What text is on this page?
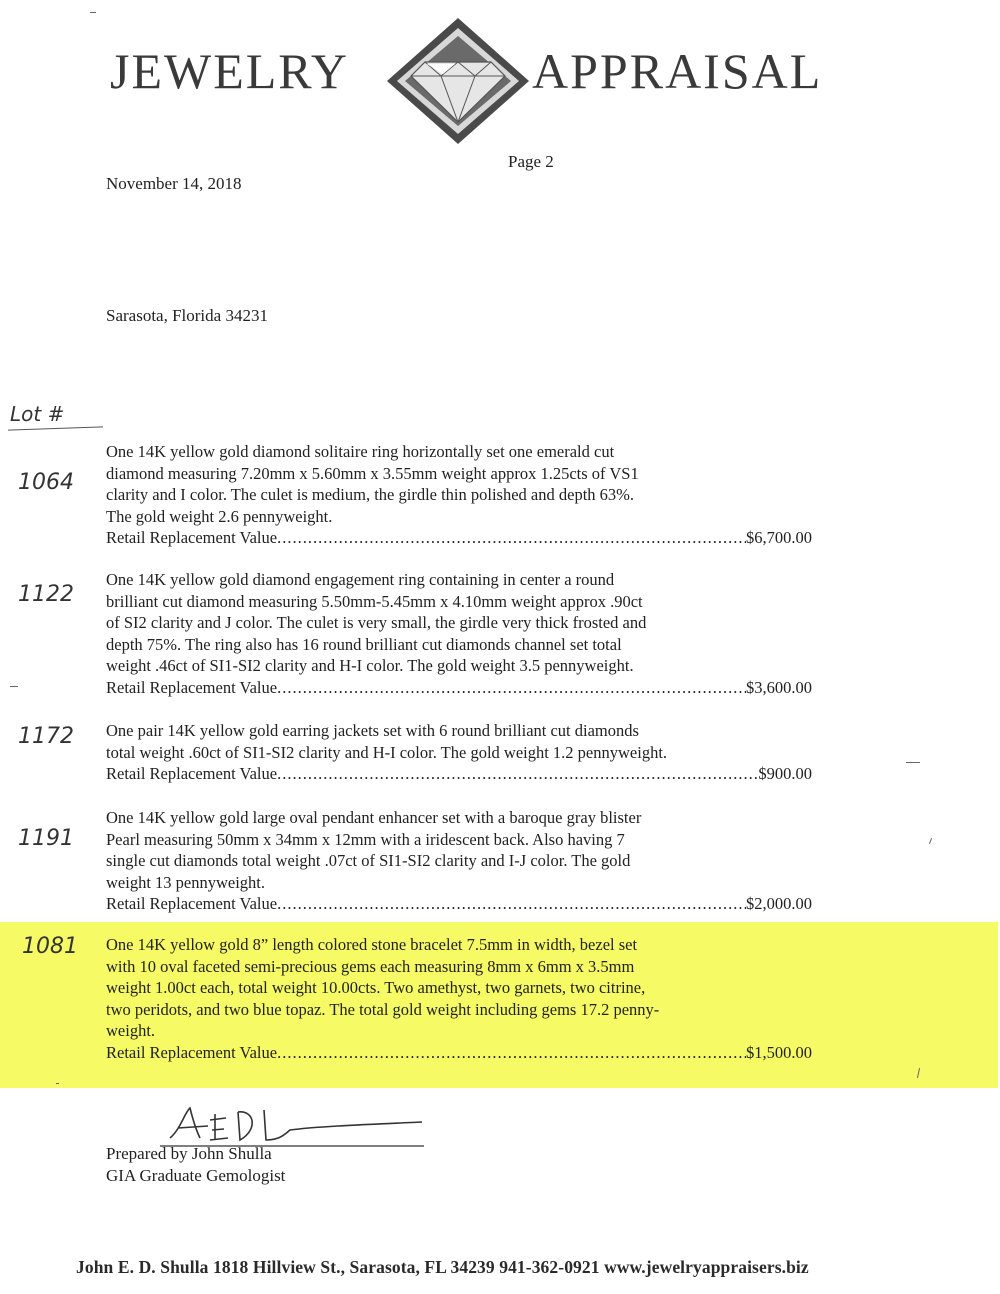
JEWELRY	APPRAISAL
Page 2
November 14, 2018
Sarasota, Florida 34231
Lot #
1064
One 14K yellow gold diamond solitaire ring horizontally set one emerald cut
diamond measuring 7.20mm x 5.60mm x 3.55mm weight approx 1.25cts of VS1
clarity and I color. The culet is medium, the girdle thin polished and depth 63%.
The gold weight 2.6 pennyweight.
Retail Replacement Value .....	$6,700.00
1122
One 14K yellow gold diamond engagement ring containing in center a round
brilliant cut diamond measuring 5.50mm-5.45mm x 4.10mm weight approx .90ct
of SI2 clarity and J color. The culet is very small, the girdle very thick frosted and
depth 75%. The ring also has 16 round brilliant cut diamonds channel set total
weight .46ct of SI1-SI2 clarity and H-I color. The gold weight 3.5 pennyweight.
Retail Replacement Value .....	$3,600.00
1172 One pair 14K yellow gold earring jackets set with 6 round brilliant cut diamonds
total weight .60ct of SI1-SI2 clarity and H-I color. The gold weight 1.2 pennyweight.
Retail Replacement Value .....	$900.00
1191
One 14K yellow gold large oval pendant enhancer set with a baroque gray blister
Pearl measuring 50mm x 34mm x 12mm with a iridescent back. Also having 7
single cut diamonds total weight .07ct of SI1-SI2 clarity and I-J color. The gold
weight 13 pennyweight.
Retail Replacement Value .....	$2,000.00
1081 One 14K yellow gold 8” length colored stone bracelet 7.5mm in width, bezel set
with 10 oval faceted semi-precious gems each measuring 8mm x 6mm x 3.5mm
weight 1.00ct each, total weight 10.00cts. Two amethyst, two garnets, two citrine,
two peridots, and two blue topaz. The total gold weight including gems 17.2 penny-
weight.
Retail Replacement Value .....	$1,500.00
Prepared by John Shulla
GIA Graduate Gemologist
John E. D. Shulla 1818 Hillview St., Sarasota, FL 34239 941-362-0921 www.jewelryappraisers.biz
